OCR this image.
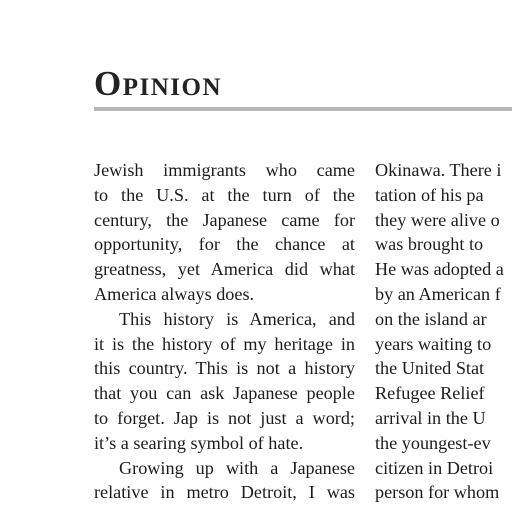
Opinion
Jewish immigrants who came
to the U.S. at the turn of the
century, the Japanese came for
opportunity, for the chance at
greatness, yet America did what
America always does.
This history is America, and
it is the history of my heritage in
this country. This is not a history
that you can ask Japanese people
to forget. Jap is not just a word;
it’s a searing symbol of hate.
Growing up with a Japanese
relative in metro Detroit, I was
Okinawa. There i
tation of his pa
they were alive o
was brought to
He was adopted a
by an American f
on the island ar
years waiting to
the United Stat
Refugee Relief
arrival in the U
the youngest-ev
citizen in Detroi
person for whom
